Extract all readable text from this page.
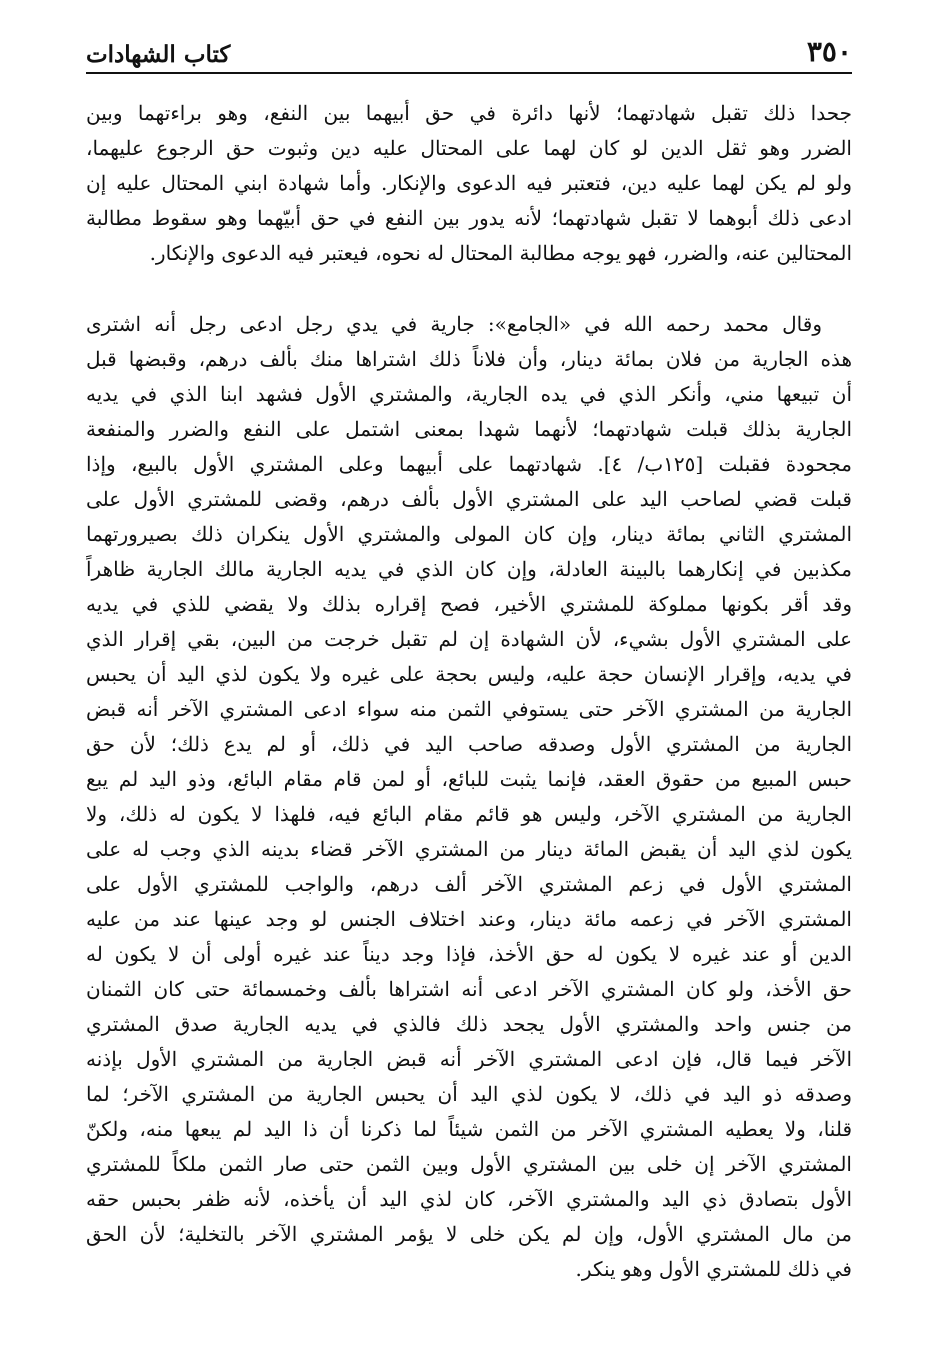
٣٥٠
كتاب الشهادات
جحدا ذلك تقبل شهادتهما؛ لأنها دائرة في حق أبيهما بين النفع، وهو براءتهما وبين
الضرر وهو ثقل الدين لو كان لهما على المحتال عليه دين وثبوت حق الرجوع عليهما،
ولو لم يكن لهما عليه دين، فتعتبر فيه الدعوى والإنكار. وأما شهادة ابني المحتال عليه إن
ادعى ذلك أبوهما لا تقبل شهادتهما؛ لأنه يدور بين النفع في حق أبيّهما وهو سقوط مطالبة
المحتالين عنه، والضرر، فهو يوجه مطالبة المحتال له نحوه، فيعتبر فيه الدعوى والإنكار.
وقال محمد رحمه الله في «الجامع»: جارية في يدي رجل ادعى رجل أنه اشترى
هذه الجارية من فلان بمائة دينار، وأن فلاناً ذلك اشتراها منك بألف درهم، وقبضها قبل
أن تبيعها مني، وأنكر الذي في يده الجارية، والمشتري الأول فشهد ابنا الذي في يديه
الجارية بذلك قبلت شهادتهما؛ لأنهما شهدا بمعنى اشتمل على النفع والضرر والمنفعة
مجحودة فقبلت [١٢٥ب/ ٤]. شهادتهما على أبيهما وعلى المشتري الأول بالبيع، وإذا
قبلت قضي لصاحب اليد على المشتري الأول بألف درهم، وقضى للمشتري الأول على
المشتري الثاني بمائة دينار، وإن كان المولى والمشتري الأول ينكران ذلك بصيرورتهما
مكذبين في إنكارهما بالبينة العادلة، وإن كان الذي في يديه الجارية مالك الجارية ظاهراً
وقد أقر بكونها مملوكة للمشتري الأخير، فصح إقراره بذلك ولا يقضي للذي في يديه
على المشتري الأول بشيء، لأن الشهادة إن لم تقبل خرجت من البين، بقي إقرار الذي
في يديه، وإقرار الإنسان حجة عليه، وليس بحجة على غيره ولا يكون لذي اليد أن يحبس
الجارية من المشتري الآخر حتى يستوفي الثمن منه سواء ادعى المشتري الآخر أنه قبض
الجارية من المشتري الأول وصدقه صاحب اليد في ذلك، أو لم يدع ذلك؛ لأن حق
حبس المبيع من حقوق العقد، فإنما يثبت للبائع، أو لمن قام مقام البائع، وذو اليد لم يبع
الجارية من المشتري الآخر، وليس هو قائم مقام البائع فيه، فلهذا لا يكون له ذلك، ولا
يكون لذي اليد أن يقبض المائة دينار من المشتري الآخر قضاء بدينه الذي وجب له على
المشتري الأول في زعم المشتري الآخر ألف درهم، والواجب للمشتري الأول على
المشتري الآخر في زعمه مائة دينار، وعند اختلاف الجنس لو وجد عينها عند من عليه
الدين أو عند غيره لا يكون له حق الأخذ، فإذا وجد ديناً عند غيره أولى أن لا يكون له
حق الأخذ، ولو كان المشتري الآخر ادعى أنه اشتراها بألف وخمسمائة حتى كان الثمنان
من جنس واحد والمشتري الأول يجحد ذلك فالذي في يديه الجارية صدق المشتري
الآخر فيما قال، فإن ادعى المشتري الآخر أنه قبض الجارية من المشتري الأول بإذنه
وصدقه ذو اليد في ذلك، لا يكون لذي اليد أن يحبس الجارية من المشتري الآخر؛ لما
قلنا، ولا يعطيه المشتري الآخر من الثمن شيئاً لما ذكرنا أن ذا اليد لم يبعها منه، ولكنّ
المشتري الآخر إن خلى بين المشتري الأول وبين الثمن حتى صار الثمن ملكاً للمشتري
الأول بتصادق ذي اليد والمشتري الآخر، كان لذي اليد أن يأخذه، لأنه ظفر بحبس حقه
من مال المشتري الأول، وإن لم يكن خلى لا يؤمر المشتري الآخر بالتخلية؛ لأن الحق
في ذلك للمشتري الأول وهو ينكر.
